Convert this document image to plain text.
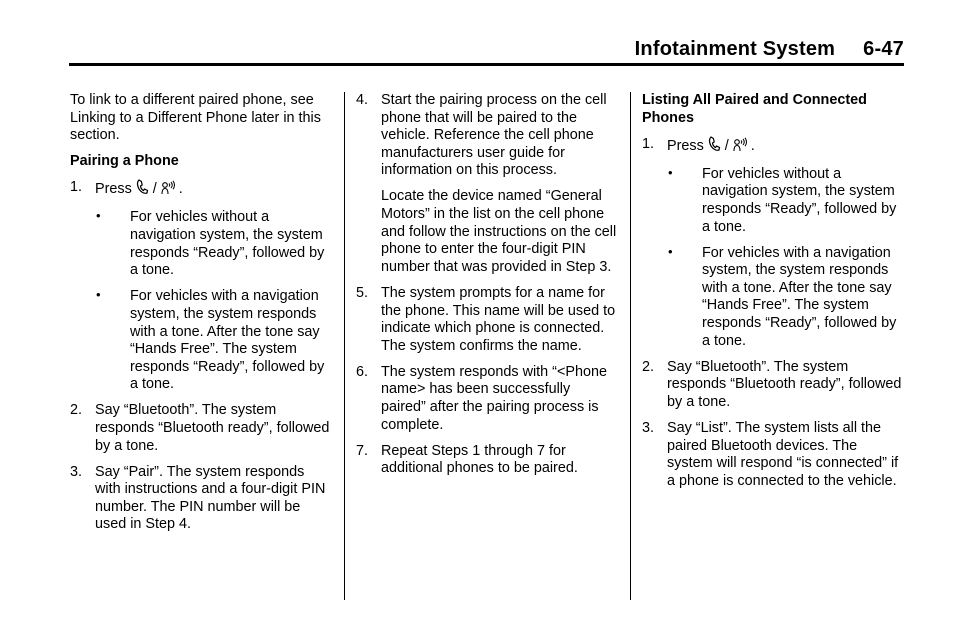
Infotainment System 6-47

To link to a different paired phone, see Linking to a Different Phone later in this section.

Pairing a Phone
1. Press / .
• For vehicles without a navigation system, the system responds “Ready”, followed by a tone.
• For vehicles with a navigation system, the system responds with a tone. After the tone say “Hands Free”. The system responds “Ready”, followed by a tone.
2. Say “Bluetooth”. The system responds “Bluetooth ready”, followed by a tone.
3. Say “Pair”. The system responds with instructions and a four-digit PIN number. The PIN number will be used in Step 4.
4. Start the pairing process on the cell phone that will be paired to the vehicle. Reference the cell phone manufacturers user guide for information on this process.
Locate the device named “General Motors” in the list on the cell phone and follow the instructions on the cell phone to enter the four-digit PIN number that was provided in Step 3.
5. The system prompts for a name for the phone. This name will be used to indicate which phone is connected. The system confirms the name.
6. The system responds with “<Phone name> has been successfully paired” after the pairing process is complete.
7. Repeat Steps 1 through 7 for additional phones to be paired.
Listing All Paired and Connected Phones
1. Press / .
• For vehicles without a navigation system, the system responds “Ready”, followed by a tone.
• For vehicles with a navigation system, the system responds with a tone. After the tone say “Hands Free”. The system responds “Ready”, followed by a tone.
2. Say “Bluetooth”. The system responds “Bluetooth ready”, followed by a tone.
3. Say “List”. The system lists all the paired Bluetooth devices. The system will respond “is connected” if a phone is connected to the vehicle.
